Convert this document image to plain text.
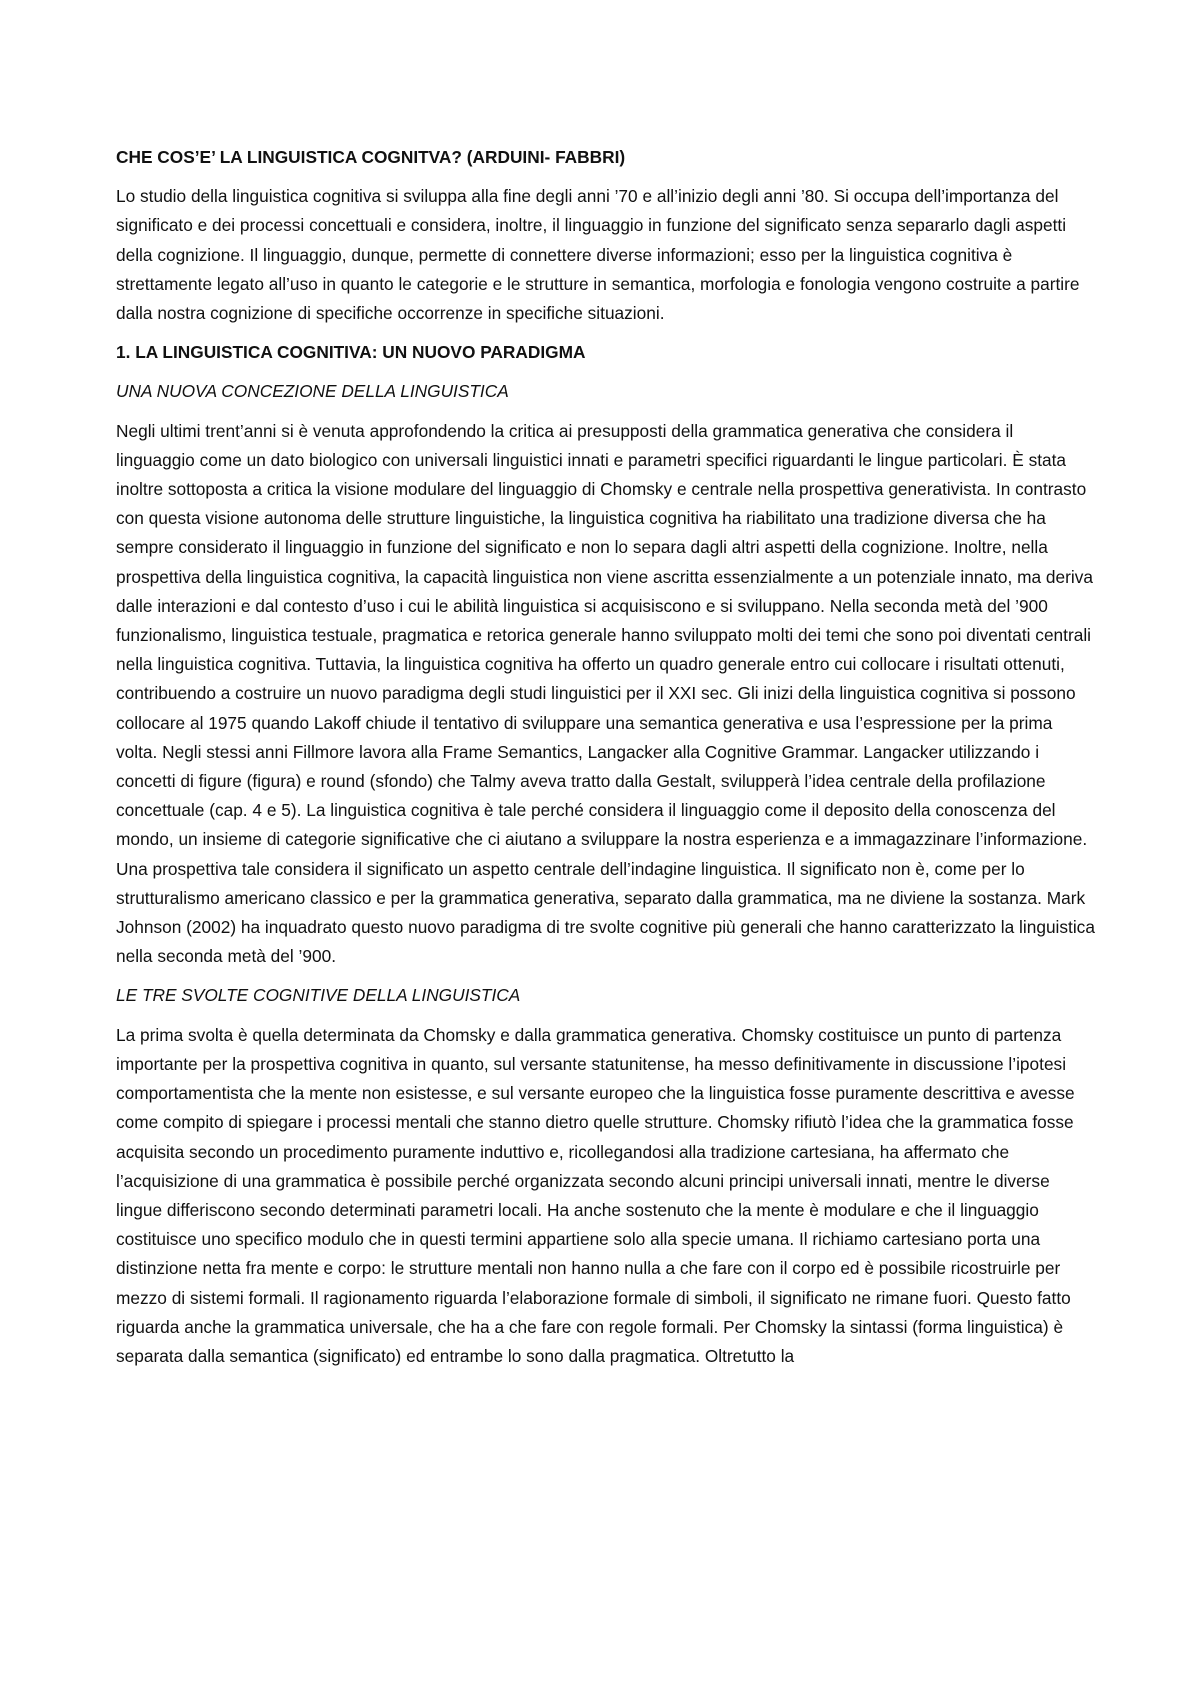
CHE COS’E’ LA LINGUISTICA COGNITVA? (ARDUINI- FABBRI)

Lo studio della linguistica cognitiva si sviluppa alla fine degli anni ’70 e all’inizio degli anni ’80. Si occupa dell’importanza del significato e dei processi concettuali e considera, inoltre, il linguaggio in funzione del significato senza separarlo dagli aspetti della cognizione. Il linguaggio, dunque, permette di connettere diverse informazioni; esso per la linguistica cognitiva è strettamente legato all’uso in quanto le categorie e le strutture in semantica, morfologia e fonologia vengono costruite a partire dalla nostra cognizione di specifiche occorrenze in specifiche situazioni.

1. LA LINGUISTICA COGNITIVA: UN NUOVO PARADIGMA

UNA NUOVA CONCEZIONE DELLA LINGUISTICA

Negli ultimi trent’anni si è venuta approfondendo la critica ai presupposti della grammatica generativa che considera il linguaggio come un dato biologico con universali linguistici innati e parametri specifici riguardanti le lingue particolari. È stata inoltre sottoposta a critica la visione modulare del linguaggio di Chomsky e centrale nella prospettiva generativista. In contrasto con questa visione autonoma delle strutture linguistiche, la linguistica cognitiva ha riabilitato una tradizione diversa che ha sempre considerato il linguaggio in funzione del significato e non lo separa dagli altri aspetti della cognizione. Inoltre, nella prospettiva della linguistica cognitiva, la capacità linguistica non viene ascritta essenzialmente a un potenziale innato, ma deriva dalle interazioni e dal contesto d’uso i cui le abilità linguistica si acquisiscono e si sviluppano. Nella seconda metà del ’900 funzionalismo, linguistica testuale, pragmatica e retorica generale hanno sviluppato molti dei temi che sono poi diventati centrali nella linguistica cognitiva. Tuttavia, la linguistica cognitiva ha offerto un quadro generale entro cui collocare i risultati ottenuti, contribuendo a costruire un nuovo paradigma degli studi linguistici per il XXI sec. Gli inizi della linguistica cognitiva si possono collocare al 1975 quando Lakoff chiude il tentativo di sviluppare una semantica generativa e usa l’espressione per la prima volta. Negli stessi anni Fillmore lavora alla Frame Semantics, Langacker alla Cognitive Grammar. Langacker utilizzando i concetti di figure (figura) e round (sfondo) che Talmy aveva tratto dalla Gestalt, svilupperà l’idea centrale della profilazione concettuale (cap. 4 e 5). La linguistica cognitiva è tale perché considera il linguaggio come il deposito della conoscenza del mondo, un insieme di categorie significative che ci aiutano a sviluppare la nostra esperienza e a immagazzinare l’informazione. Una prospettiva tale considera il significato un aspetto centrale dell’indagine linguistica. Il significato non è, come per lo strutturalismo americano classico e per la grammatica generativa, separato dalla grammatica, ma ne diviene la sostanza. Mark Johnson (2002) ha inquadrato questo nuovo paradigma di tre svolte cognitive più generali che hanno caratterizzato la linguistica nella seconda metà del ’900.

LE TRE SVOLTE COGNITIVE DELLA LINGUISTICA

La prima svolta è quella determinata da Chomsky e dalla grammatica generativa. Chomsky costituisce un punto di partenza importante per la prospettiva cognitiva in quanto, sul versante statunitense, ha messo definitivamente in discussione l’ipotesi comportamentista che la mente non esistesse, e sul versante europeo che la linguistica fosse puramente descrittiva e avesse come compito di spiegare i processi mentali che stanno dietro quelle strutture. Chomsky rifiutò l’idea che la grammatica fosse acquisita secondo un procedimento puramente induttivo e, ricollegandosi alla tradizione cartesiana, ha affermato che l’acquisizione di una grammatica è possibile perché organizzata secondo alcuni principi universali innati, mentre le diverse lingue differiscono secondo determinati parametri locali. Ha anche sostenuto che la mente è modulare e che il linguaggio costituisce uno specifico modulo che in questi termini appartiene solo alla specie umana. Il richiamo cartesiano porta una distinzione netta fra mente e corpo: le strutture mentali non hanno nulla a che fare con il corpo ed è possibile ricostruirle per mezzo di sistemi formali. Il ragionamento riguarda l’elaborazione formale di simboli, il significato ne rimane fuori. Questo fatto riguarda anche la grammatica universale, che ha a che fare con regole formali. Per Chomsky la sintassi (forma linguistica) è separata dalla semantica (significato) ed entrambe lo sono dalla pragmatica. Oltretutto la
